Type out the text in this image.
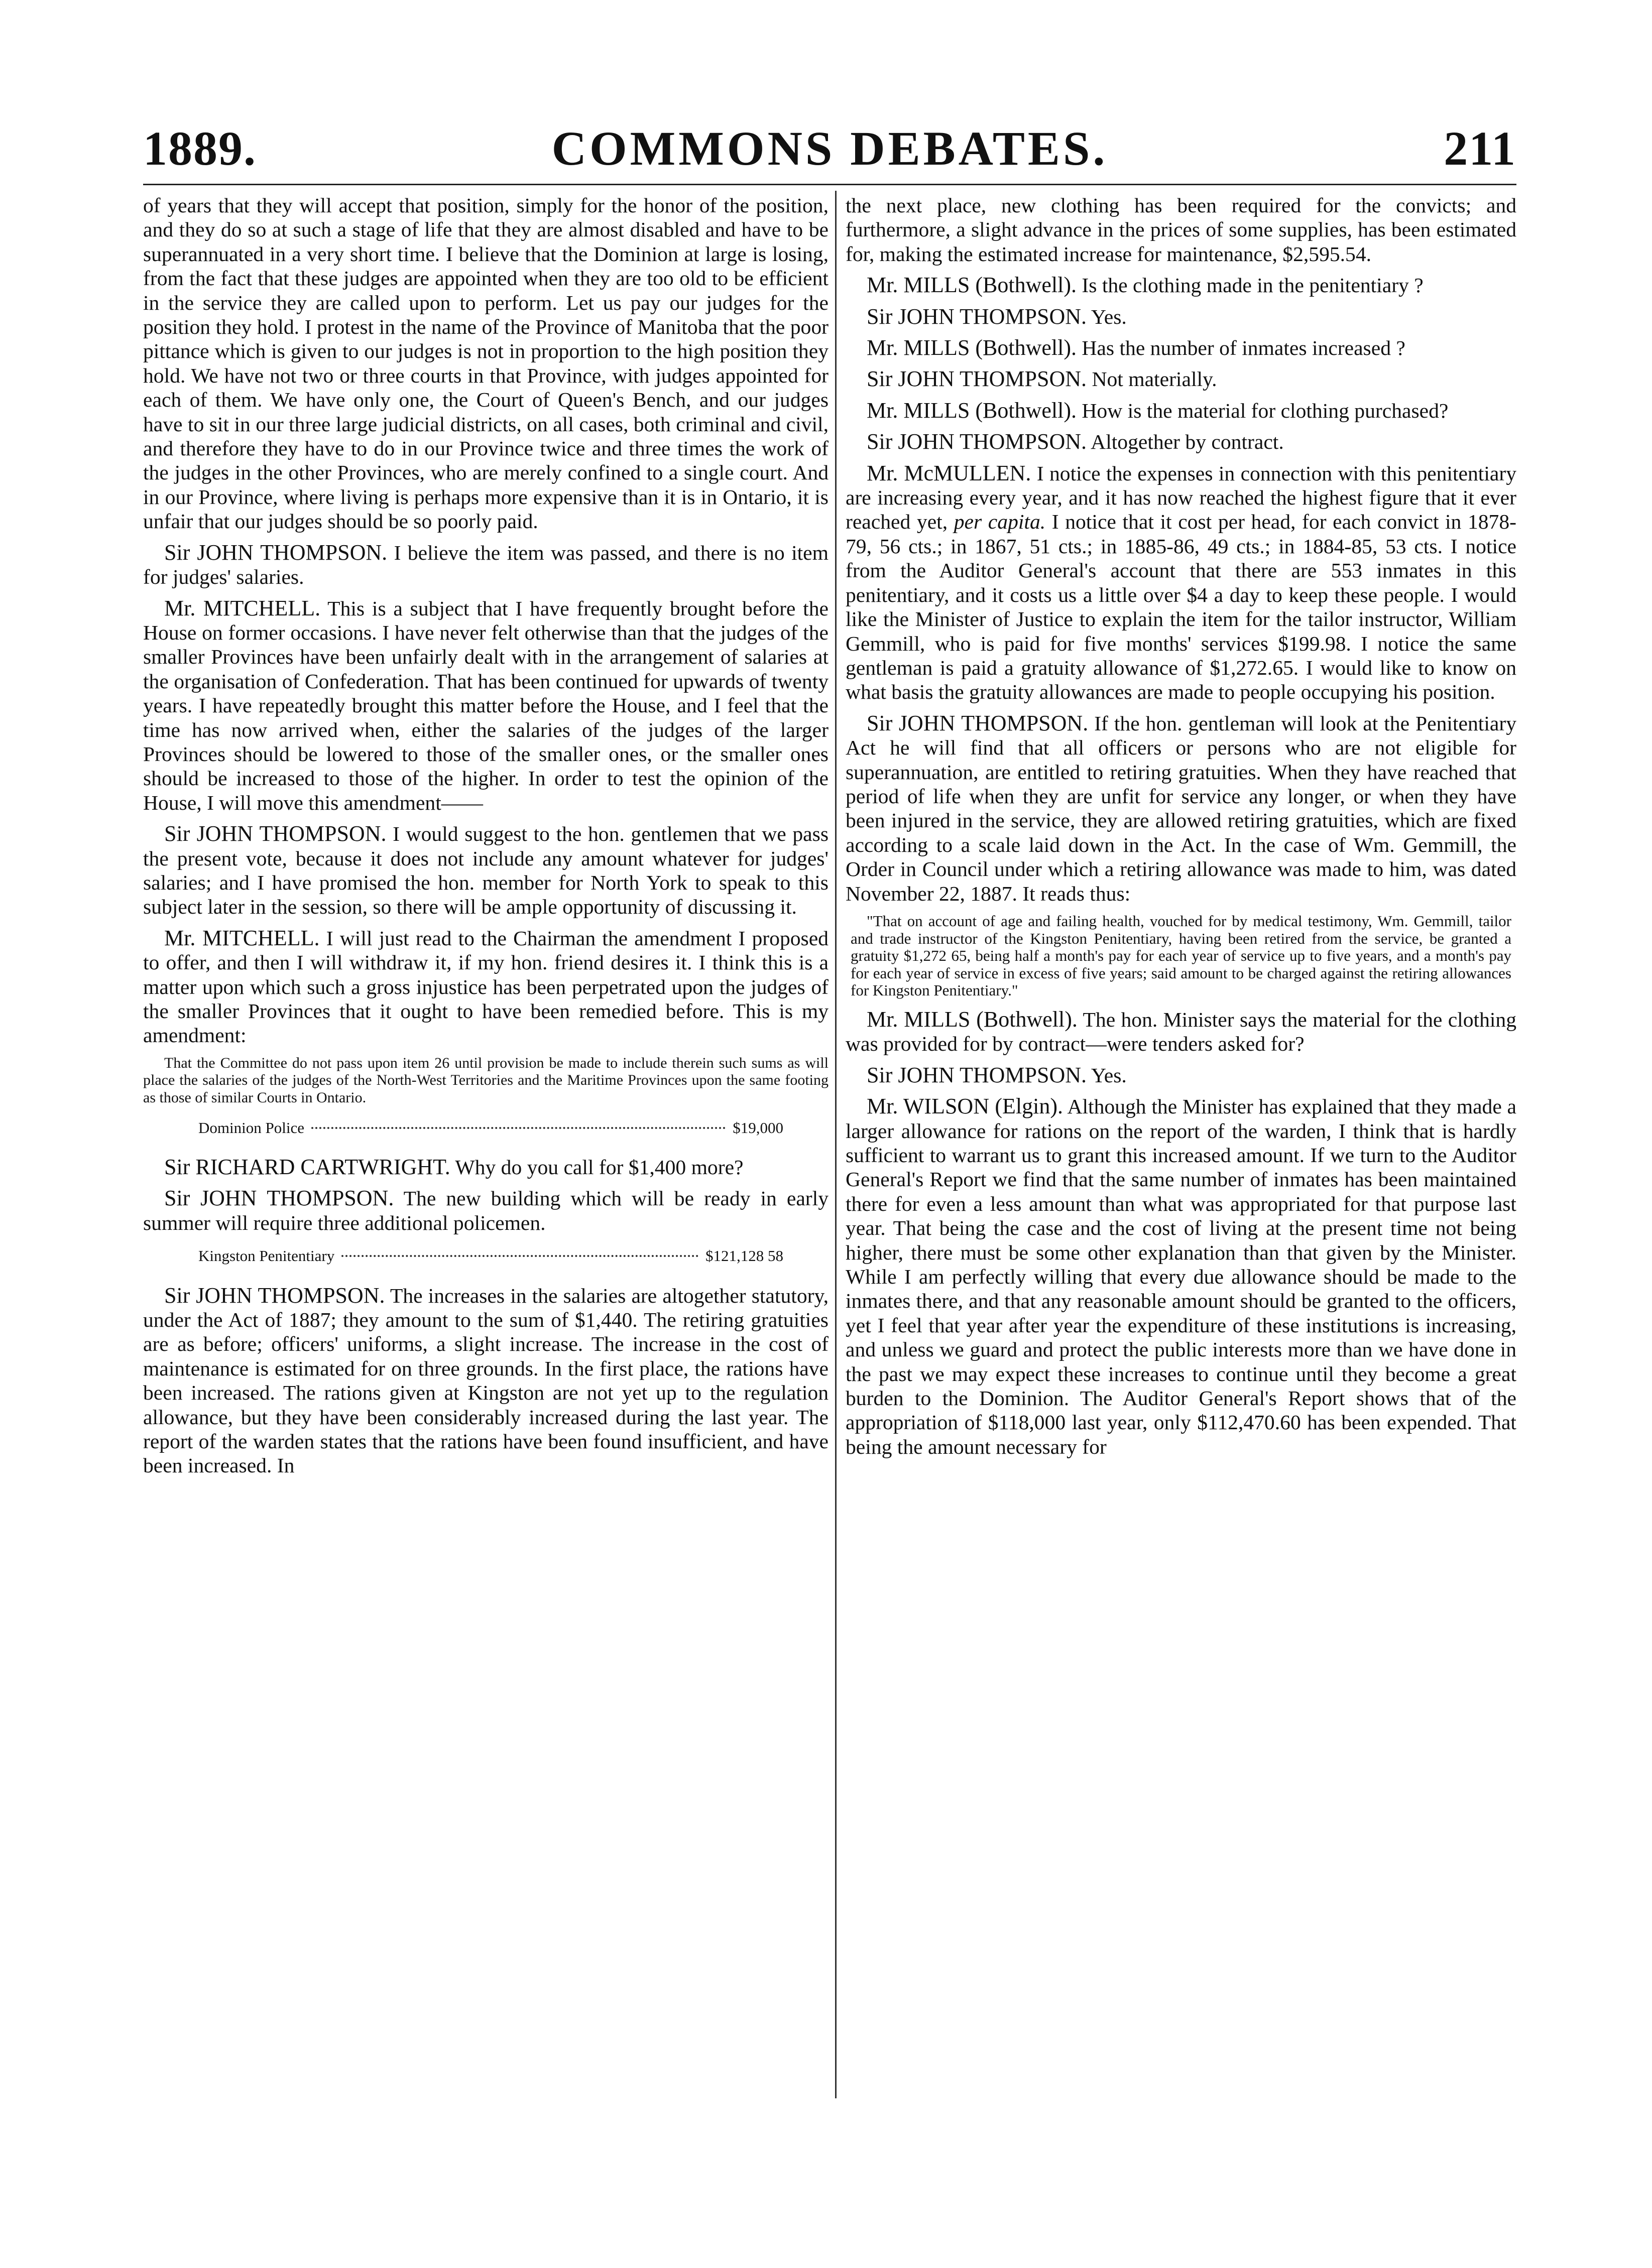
1889.	COMMONS DEBATES.	211

of years that they will accept that position, simply for the honor of the position, and they do so at such a stage of life that they are almost disabled and have to be superannuated in a very short time. I believe that the Dominion at large is losing, from the fact that these judges are appointed when they are too old to be efficient in the service they are called upon to perform. Let us pay our judges for the position they hold. I protest in the name of the Province of Manitoba that the poor pittance which is given to our judges is not in proportion to the high position they hold. We have not two or three courts in that Province, with judges appointed for each of them. We have only one, the Court of Queen's Bench, and our judges have to sit in our three large judicial districts, on all cases, both criminal and civil, and therefore they have to do in our Province twice and three times the work of the judges in the other Provinces, who are merely confined to a single court. And in our Province, where living is perhaps more expensive than it is in Ontario, it is unfair that our judges should be so poorly paid.

Sir JOHN THOMPSON. I believe the item was passed, and there is no item for judges' salaries.

Mr. MITCHELL. This is a subject that I have frequently brought before the House on former occasions. I have never felt otherwise than that the judges of the smaller Provinces have been unfairly dealt with in the arrangement of salaries at the organisation of Confederation. That has been continued for upwards of twenty years. I have repeatedly brought this matter before the House, and I feel that the time has now arrived when, either the salaries of the judges of the larger Provinces should be lowered to those of the smaller ones, or the smaller ones should be increased to those of the higher. In order to test the opinion of the House, I will move this amendment——

Sir JOHN THOMPSON. I would suggest to the hon. gentlemen that we pass the present vote, because it does not include any amount whatever for judges' salaries; and I have promised the hon. member for North York to speak to this subject later in the session, so there will be ample opportunity of discussing it.

Mr. MITCHELL. I will just read to the Chairman the amendment I proposed to offer, and then I will withdraw it, if my hon. friend desires it. I think this is a matter upon which such a gross injustice has been perpetrated upon the judges of the smaller Provinces that it ought to have been remedied before. This is my amendment:

That the Committee do not pass upon item 26 until provision be made to include therein such sums as will place the salaries of the judges of the North-West Territories and the Maritime Provinces upon the same footing as those of similar Courts in Ontario.

Dominion Police	$19,000

Sir RICHARD CARTWRIGHT. Why do you call for $1,400 more?

Sir JOHN THOMPSON. The new building which will be ready in early summer will require three additional policemen.

Kingston Penitentiary	$121,128 58

Sir JOHN THOMPSON. The increases in the salaries are altogether statutory, under the Act of 1887; they amount to the sum of $1,440. The retiring gratuities are as before; officers' uniforms, a slight increase. The increase in the cost of maintenance is estimated for on three grounds. In the first place, the rations have been increased. The rations given at Kingston are not yet up to the regulation allowance, but they have been considerably increased during the last year. The report of the warden states that the rations have been found insufficient, and have been increased. In

the next place, new clothing has been required for the convicts; and furthermore, a slight advance in the prices of some supplies, has been estimated for, making the estimated increase for maintenance, $2,595.54.

Mr. MILLS (Bothwell). Is the clothing made in the penitentiary ?

Sir JOHN THOMPSON. Yes.

Mr. MILLS (Bothwell). Has the number of inmates increased ?

Sir JOHN THOMPSON. Not materially.

Mr. MILLS (Bothwell). How is the material for clothing purchased?

Sir JOHN THOMPSON. Altogether by contract.

Mr. McMULLEN. I notice the expenses in connection with this penitentiary are increasing every year, and it has now reached the highest figure that it ever reached yet, per capita. I notice that it cost per head, for each convict in 1878-79, 56 cts.; in 1867, 51 cts.; in 1885-86, 49 cts.; in 1884-85, 53 cts. I notice from the Auditor General's account that there are 553 inmates in this penitentiary, and it costs us a little over $4 a day to keep these people. I would like the Minister of Justice to explain the item for the tailor instructor, William Gemmill, who is paid for five months' services $199.98. I notice the same gentleman is paid a gratuity allowance of $1,272.65. I would like to know on what basis the gratuity allowances are made to people occupying his position.

Sir JOHN THOMPSON. If the hon. gentleman will look at the Penitentiary Act he will find that all officers or persons who are not eligible for superannuation, are entitled to retiring gratuities. When they have reached that period of life when they are unfit for service any longer, or when they have been injured in the service, they are allowed retiring gratuities, which are fixed according to a scale laid down in the Act. In the case of Wm. Gemmill, the Order in Council under which a retiring allowance was made to him, was dated November 22, 1887. It reads thus:

"That on account of age and failing health, vouched for by medical testimony, Wm. Gemmill, tailor and trade instructor of the Kingston Penitentiary, having been retired from the service, be granted a gratuity $1,272 65, being half a month's pay for each year of service up to five years, and a month's pay for each year of service in excess of five years; said amount to be charged against the retiring allowances for Kingston Penitentiary."

Mr. MILLS (Bothwell). The hon. Minister says the material for the clothing was provided for by contract—were tenders asked for?

Sir JOHN THOMPSON. Yes.

Mr. WILSON (Elgin). Although the Minister has explained that they made a larger allowance for rations on the report of the warden, I think that is hardly sufficient to warrant us to grant this increased amount. If we turn to the Auditor General's Report we find that the same number of inmates has been maintained there for even a less amount than what was appropriated for that purpose last year. That being the case and the cost of living at the present time not being higher, there must be some other explanation than that given by the Minister. While I am perfectly willing that every due allowance should be made to the inmates there, and that any reasonable amount should be granted to the officers, yet I feel that year after year the expenditure of these institutions is increasing, and unless we guard and protect the public interests more than we have done in the past we may expect these increases to continue until they become a great burden to the Dominion. The Auditor General's Report shows that of the appropriation of $118,000 last year, only $112,470.60 has been expended. That being the amount necessary for
